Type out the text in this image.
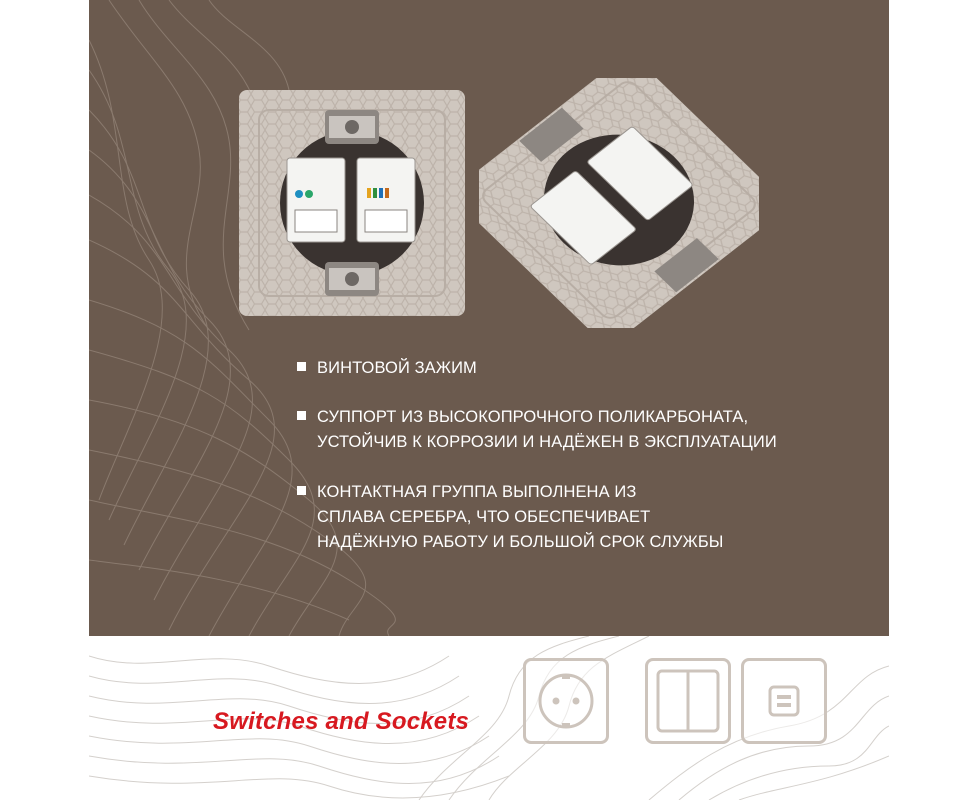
ВИНТОВОЙ ЗАЖИМ
СУППОРТ ИЗ ВЫСОКОПРОЧНОГО ПОЛИКАРБОНАТА,
УСТОЙЧИВ К КОРРОЗИИ И НАДЁЖЕН В ЭКСПЛУАТАЦИИ
КОНТАКТНАЯ ГРУППА ВЫПОЛНЕНА ИЗ
СПЛАВА СЕРЕБРА, ЧТО ОБЕСПЕЧИВАЕТ
НАДЁЖНУЮ РАБОТУ И БОЛЬШОЙ СРОК СЛУЖБЫ
Switches and Sockets
